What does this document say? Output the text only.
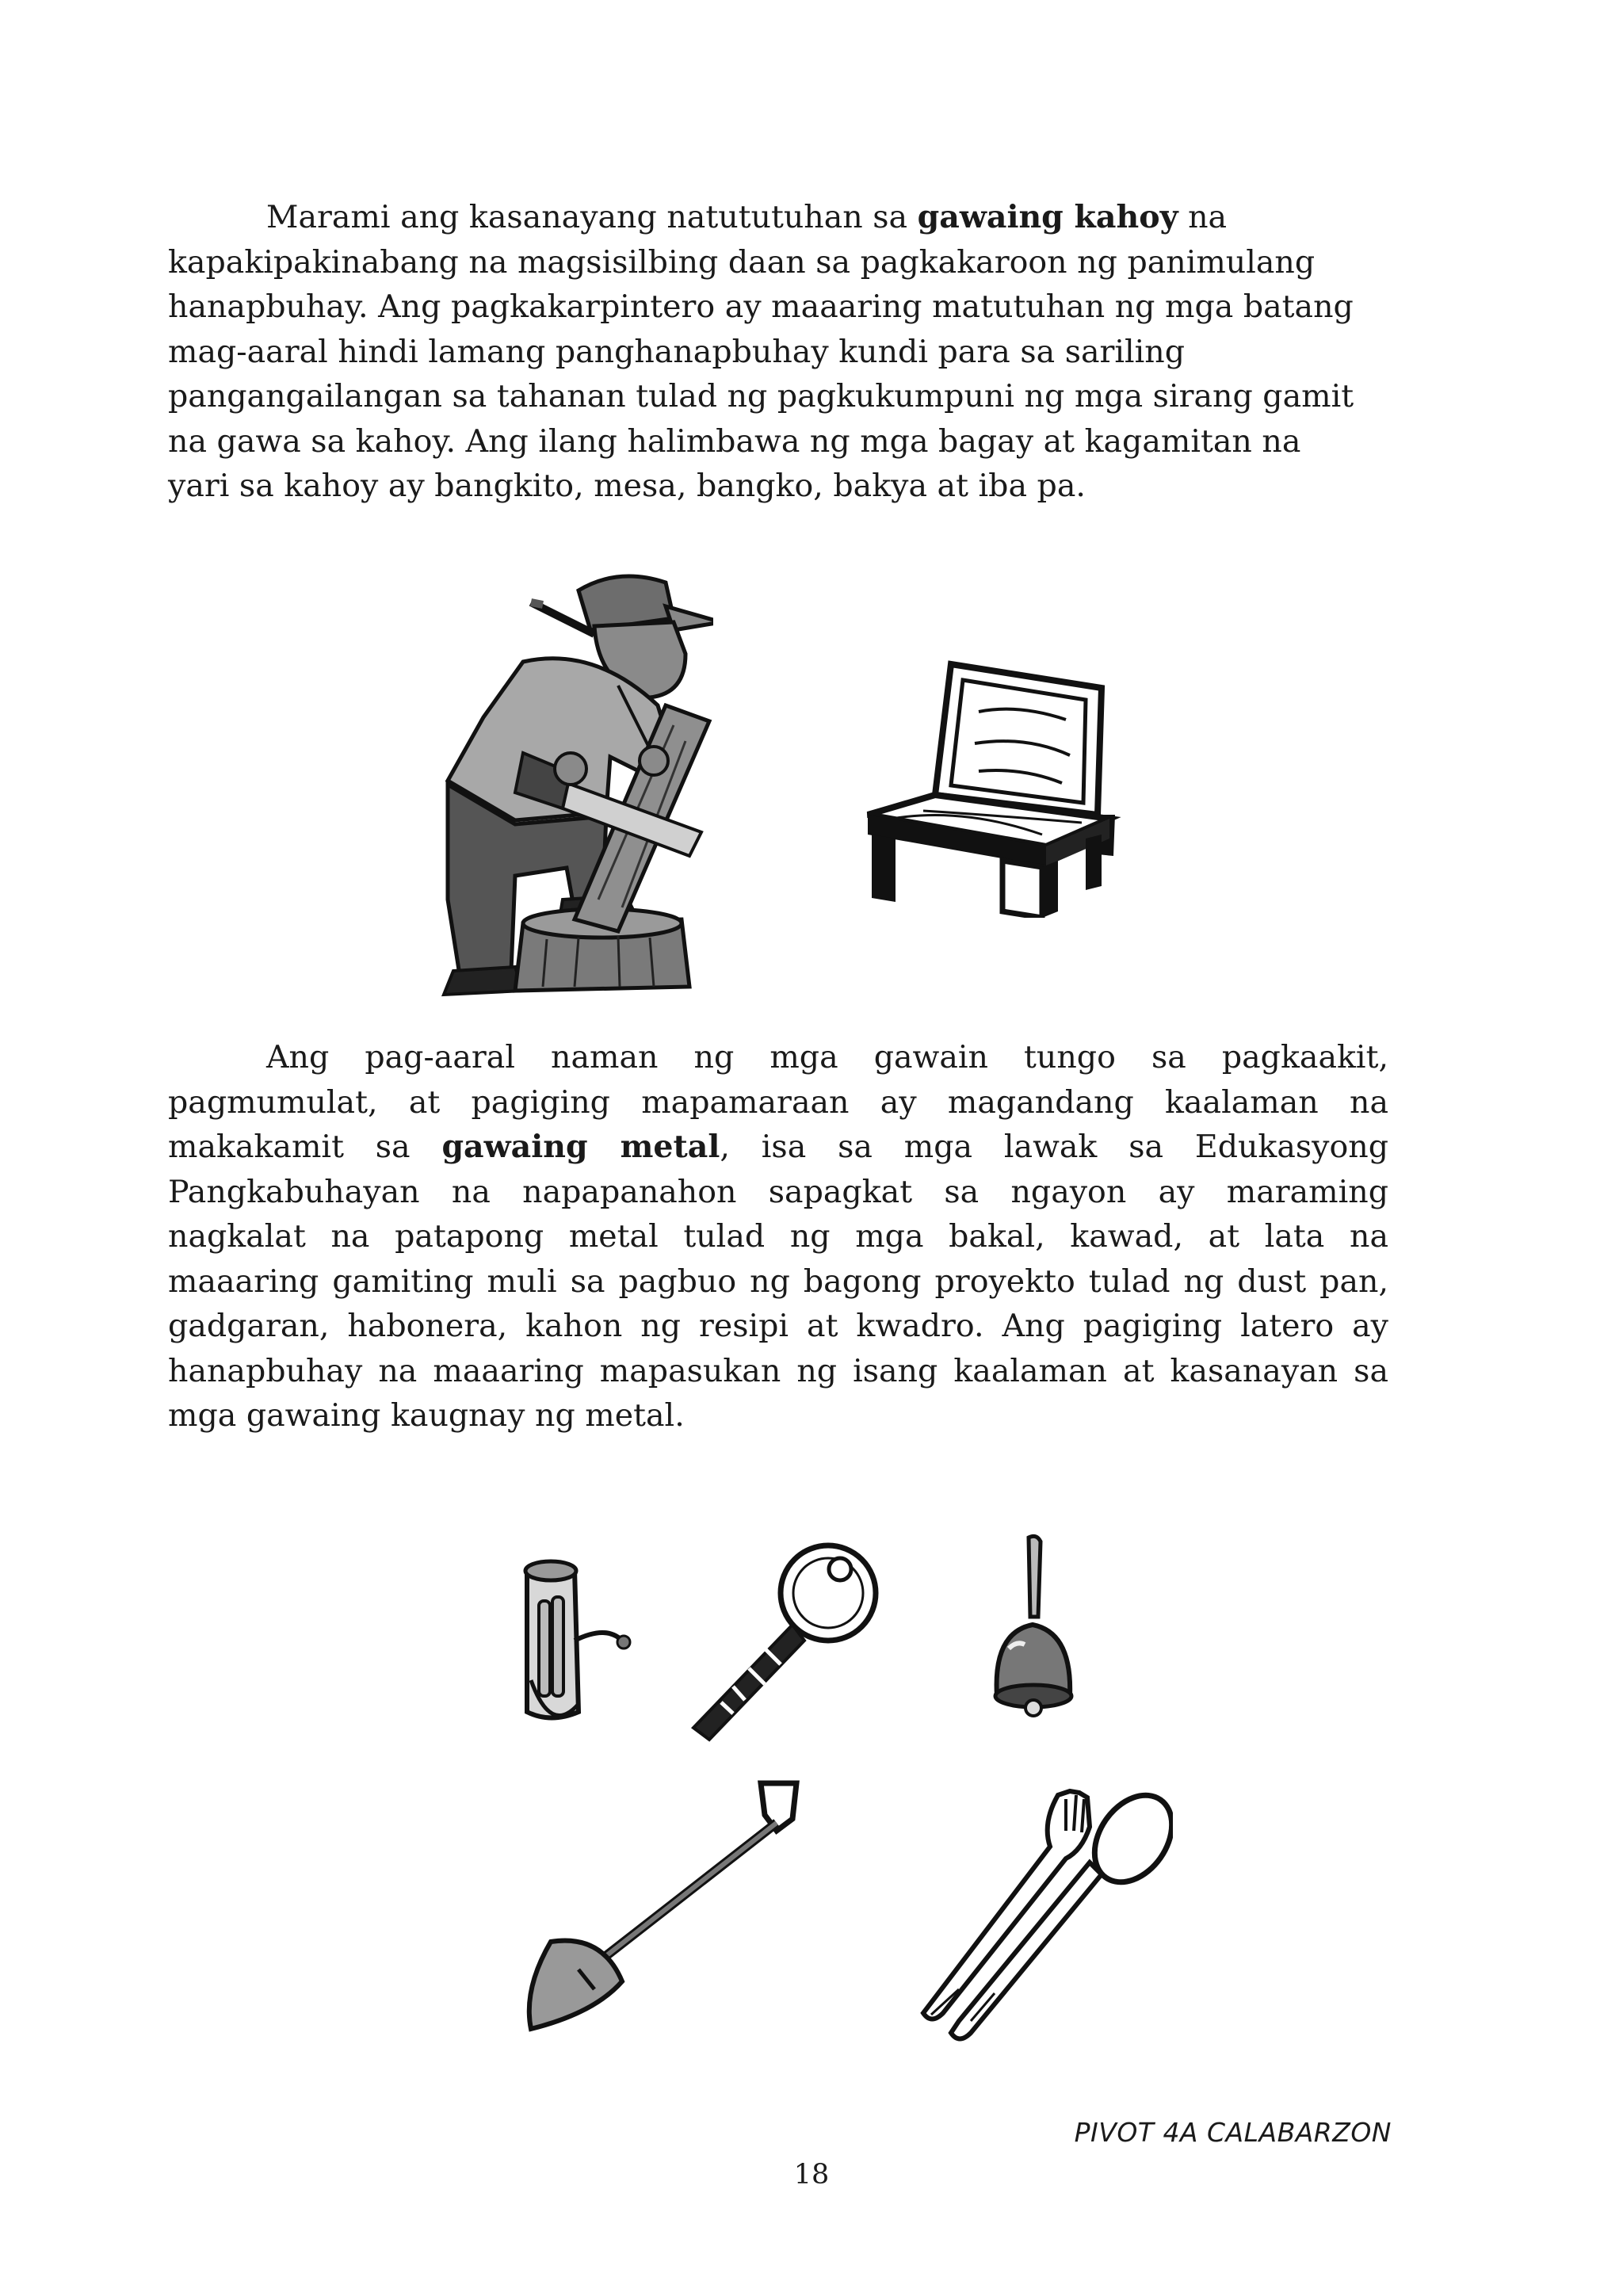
Marami ang kasanayang natututuhan sa gawaing kahoy na
kapakipakinabang na magsisilbing daan sa pagkakaroon ng panimulang
hanapbuhay. Ang pagkakarpintero ay maaaring matutuhan ng mga batang
mag-aaral hindi lamang panghanapbuhay kundi para sa sariling
pangangailangan sa tahanan tulad ng pagkukumpuni ng mga sirang gamit
na gawa sa kahoy. Ang ilang halimbawa ng mga bagay at kagamitan na
yari sa kahoy ay bangkito, mesa, bangko, bakya at iba pa.
Ang pag-aaral naman ng mga gawain tungo sa pagkaakit,
pagmumulat, at pagiging mapamaraan ay magandang kaalaman na
makakamit sa gawaing metal, isa sa mga lawak sa Edukasyong
Pangkabuhayan na napapanahon sapagkat sa ngayon ay maraming
nagkalat na patapong metal tulad ng mga bakal, kawad, at lata na
maaaring gamiting muli sa pagbuo ng bagong proyekto tulad ng dust pan,
gadgaran, habonera, kahon ng resipi at kwadro. Ang pagiging latero ay
hanapbuhay na maaaring mapasukan ng isang kaalaman at kasanayan sa
mga gawaing kaugnay ng metal.
PIVOT 4A CALABARZON
18
